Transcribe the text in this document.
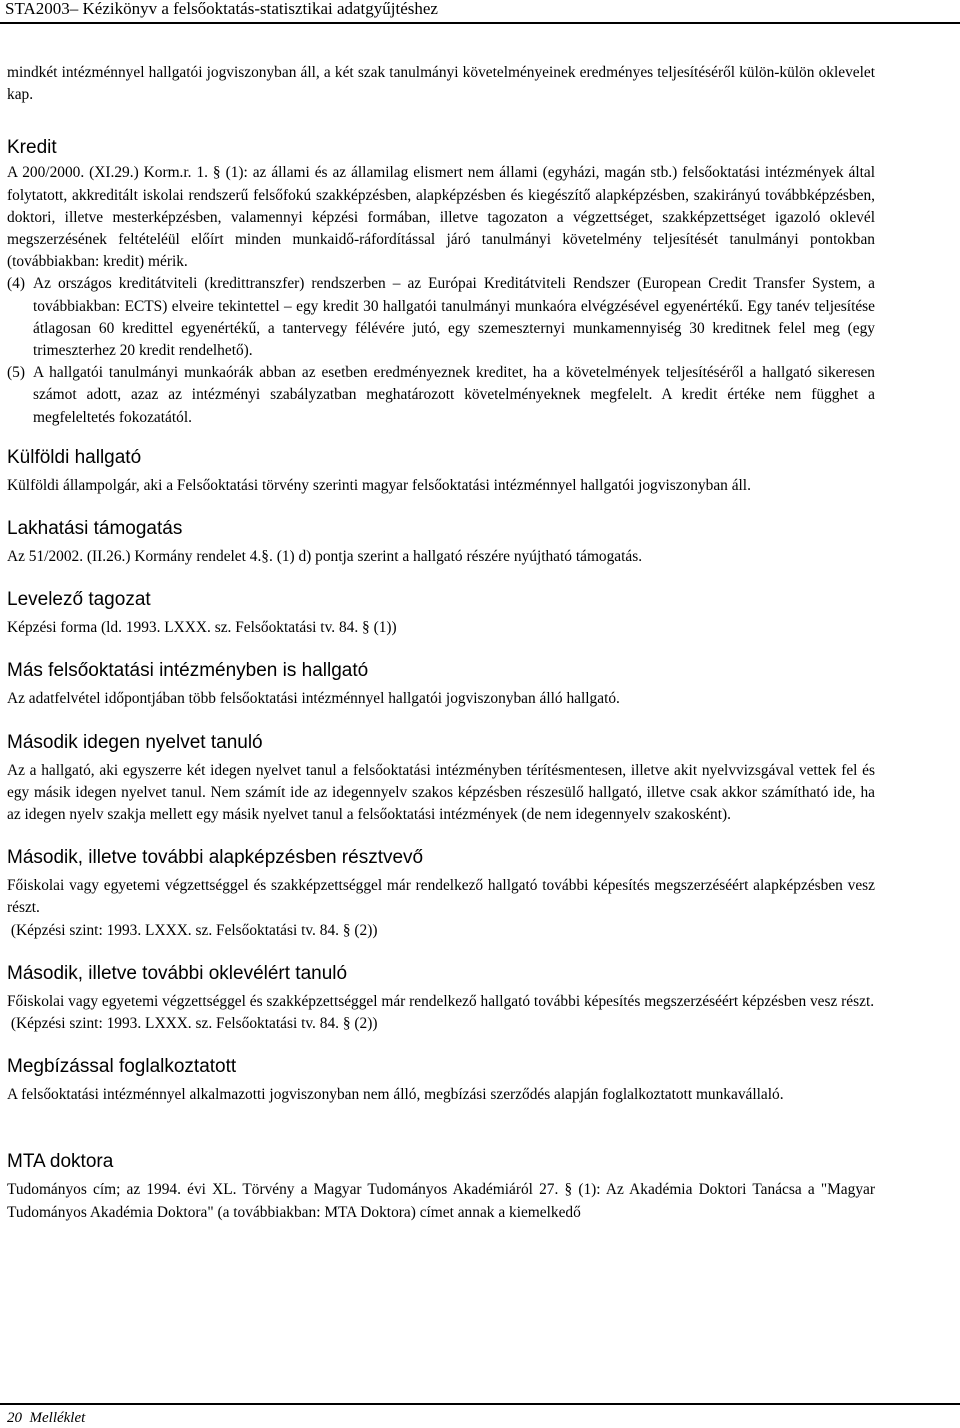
STA2003– Kézikönyv a felsőoktatás-statisztikai adatgyűjtéshez

mindkét intézménnyel hallgatói jogviszonyban áll, a két szak tanulmányi követelményeinek eredményes teljesítéséről külön-külön oklevelet kap.

Kredit

A 200/2000. (XI.29.) Korm.r. 1. § (1): az állami és az államilag elismert nem állami (egyházi, magán stb.) felsőoktatási intézmények által folytatott, akkreditált iskolai rendszerű felsőfokú szakképzésben, alapképzésben és kiegészítő alapképzésben, szakirányú továbbképzésben, doktori, illetve mesterképzésben, valamennyi képzési formában, illetve tagozaton a végzettséget, szakképzettséget igazoló oklevél megszerzésének feltételéül előírt minden munkaidő-ráfordítással járó tanulmányi követelmény teljesítését tanulmányi pontokban (továbbiakban: kredit) mérik.

(4) Az országos kreditátviteli (kredittranszfer) rendszerben – az Európai Kreditátviteli Rendszer (European Credit Transfer System, a továbbiakban: ECTS) elveire tekintettel – egy kredit 30 hallgatói tanulmányi munkaóra elvégzésével egyenértékű. Egy tanév teljesítése átlagosan 60 kredittel egyenértékű, a tantervegy félévére jutó, egy szemeszternyi munkamennyiség 30 kreditnek felel meg (egy trimeszterhez 20 kredit rendelhető).
(5) A hallgatói tanulmányi munkaórák abban az esetben eredményeznek kreditet, ha a követelmények teljesítéséről a hallgató sikeresen számot adott, azaz az intézményi szabályzatban meghatározott követelményeknek megfelelt. A kredit értéke nem függhet a megfeleltetés fokozatától.
Külföldi hallgató

Külföldi állampolgár, aki a Felsőoktatási törvény szerinti magyar felsőoktatási intézménnyel hallgatói jogviszonyban áll.

Lakhatási támogatás

Az 51/2002. (II.26.) Kormány rendelet 4.§. (1) d) pontja szerint a hallgató részére nyújtható támogatás.

Levelező tagozat

Képzési forma (ld. 1993. LXXX. sz. Felsőoktatási tv. 84. § (1))

Más felsőoktatási intézményben is hallgató

Az adatfelvétel időpontjában több felsőoktatási intézménnyel hallgatói jogviszonyban álló hallgató.

Második idegen nyelvet tanuló

Az a hallgató, aki egyszerre két idegen nyelvet tanul a felsőoktatási intézményben térítésmentesen, illetve akit nyelvvizsgával vettek fel és egy másik idegen nyelvet tanul. Nem számít ide az idegennyelv szakos képzésben részesülő hallgató, illetve csak akkor számítható ide, ha az idegen nyelv szakja mellett egy másik nyelvet tanul a felsőoktatási intézmények (de nem idegennyelv szakosként).

Második, illetve további alapképzésben résztvevő

Főiskolai vagy egyetemi végzettséggel és szakképzettséggel már rendelkező hallgató további képesítés megszerzéséért alapképzésben vesz részt.

(Képzési szint: 1993. LXXX. sz. Felsőoktatási tv. 84. § (2))

Második, illetve további oklevélért tanuló

Főiskolai vagy egyetemi végzettséggel és szakképzettséggel már rendelkező hallgató további képesítés megszerzéséért képzésben vesz részt.

(Képzési szint: 1993. LXXX. sz. Felsőoktatási tv. 84. § (2))

Megbízással foglalkoztatott

A felsőoktatási intézménnyel alkalmazotti jogviszonyban nem álló, megbízási szerződés alapján foglalkoztatott munkavállaló.

MTA doktora

Tudományos cím; az 1994. évi XL. Törvény a Magyar Tudományos Akadémiáról 27. § (1): Az Akadémia Doktori Tanácsa a "Magyar Tudományos Akadémia Doktora" (a továbbiakban: MTA Doktora) címet annak a kiemelkedő

20 Melléklet
